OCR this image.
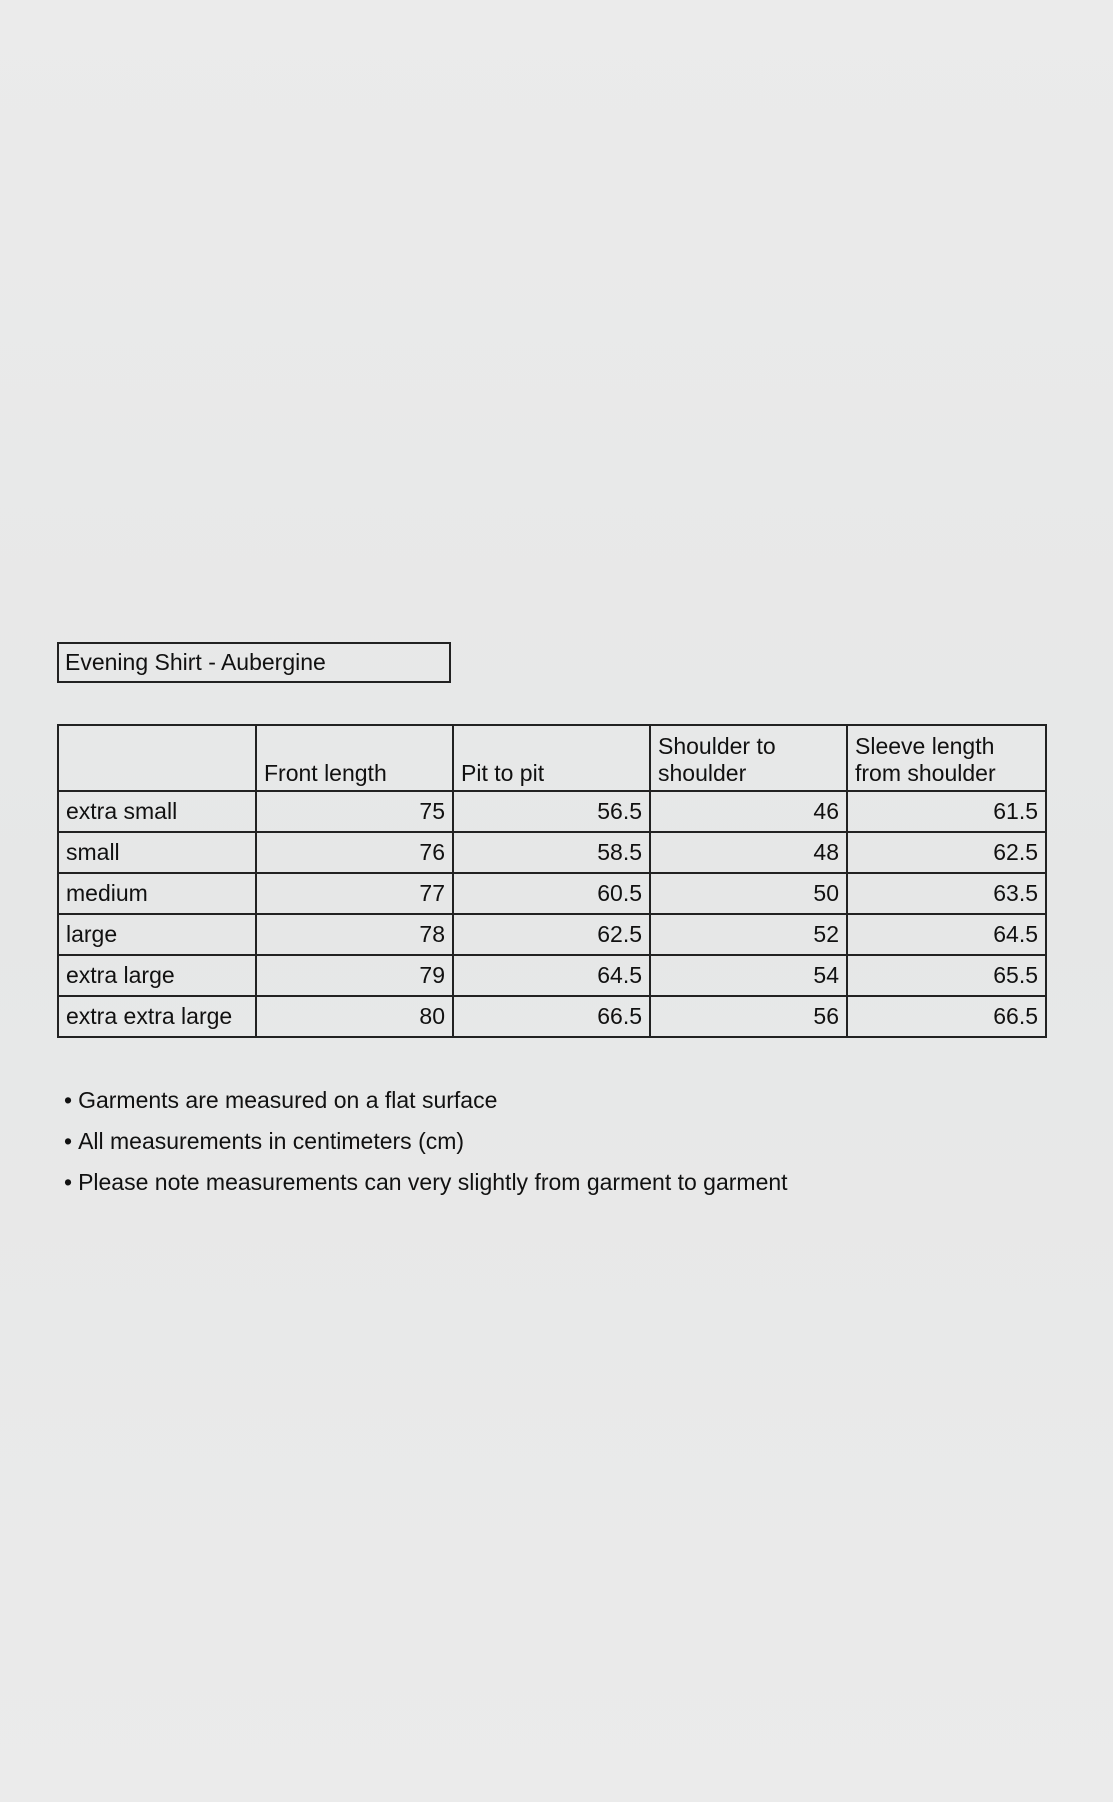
Evening Shirt - Aubergine
	Front length	Pit to pit	Shoulder to shoulder	Sleeve length from shoulder
extra small	75	56.5	46	61.5
small	76	58.5	48	62.5
medium	77	60.5	50	63.5
large	78	62.5	52	64.5
extra large	79	64.5	54	65.5
extra extra large	80	66.5	56	66.5
• Garments are measured on a flat surface
• All measurements in centimeters (cm)
• Please note measurements can very slightly from garment to garment
